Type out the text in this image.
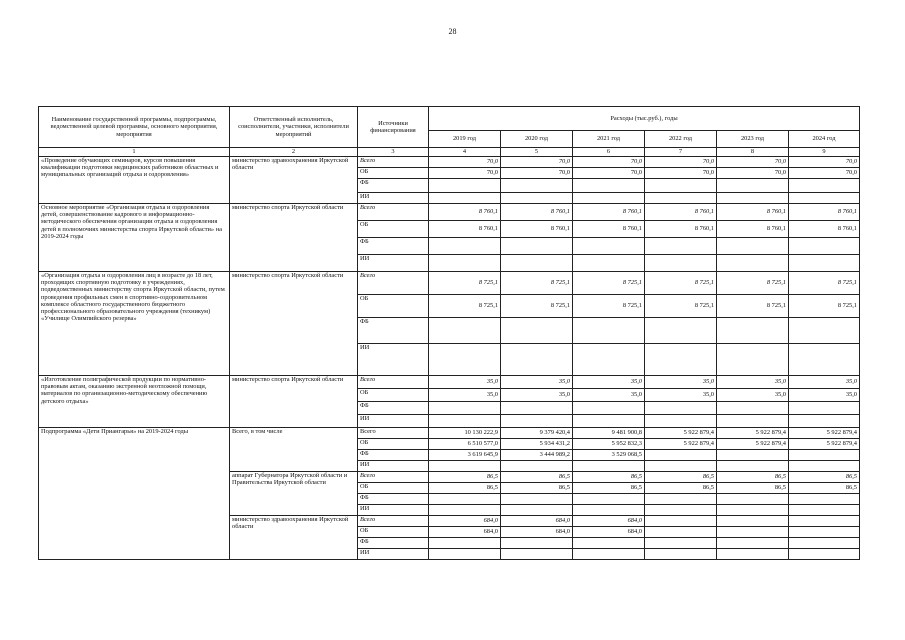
28
Наименование государственной программы, подпрограммы, ведомственной целевой программы, основного мероприятия, мероприятия	Ответственный исполнитель, соисполнители, участники, исполнители мероприятий	Источники финансирования	Расходы (тыс.руб.), годы					
			2019 год	2020 год	2021 год	2022 год	2023 год	2024 год
1	2	3	4	5	6	7	8	9
«Проведение обучающих семинаров, курсов повышения квалификации подготовки медицинских работников областных и муниципальных организаций отдыха и оздоровления»	министерство здравоохранения Иркутской области	Всего	70,0	70,0	70,0	70,0	70,0	70,0
		ОБ	70,0	70,0	70,0	70,0	70,0	70,0
		ФБ						
		ИИ						
Основное мероприятие «Организация отдыха и оздоровления детей, совершенствование кадрового и информационно-методического обеспечения организации отдыха и оздоровления детей в полномочиях министерства спорта Иркутской области» на 2019-2024 годы	министерство спорта Иркутской области	Всего	8 760,1	8 760,1	8 760,1	8 760,1	8 760,1	8 760,1
		ОБ	8 760,1	8 760,1	8 760,1	8 760,1	8 760,1	8 760,1
		ФБ						
		ИИ						
«Организация отдыха и оздоровления лиц в возрасте до 18 лет, проходящих спортивную подготовку в учреждениях, подведомственных министерству спорта Иркутской области, путем проведения профильных смен в спортивно-оздоровительном комплексе областного государственного бюджетного профессионального образовательного учреждения (техникум) «Училище Олимпийского резерва»	министерство спорта Иркутской области	Всего	8 725,1	8 725,1	8 725,1	8 725,1	8 725,1	8 725,1
		ОБ	8 725,1	8 725,1	8 725,1	8 725,1	8 725,1	8 725,1
		ФБ						
		ИИ						
«Изготовление полиграфической продукции по нормативно-правовым актам, оказанию экстренной неотложной помощи, материалов по организационно-методическому обеспечению детского отдыха»	министерство спорта Иркутской области	Всего	35,0	35,0	35,0	35,0	35,0	35,0
		ОБ	35,0	35,0	35,0	35,0	35,0	35,0
		ФБ						
		ИИ						
Подпрограмма «Дети Приангарья» на 2019-2024 годы	Всего, в том числе	Всего	10 130 222,9	9 379 420,4	9 481 900,8	5 922 879,4	5 922 879,4	5 922 879,4
		ОБ	6 510 577,0	5 934 431,2	5 952 832,3	5 922 879,4	5 922 879,4	5 922 879,4
		ФБ	3 619 645,9	3 444 989,2	3 529 068,5			
		ИИ						
	аппарат Губернатора Иркутской области и Правительства Иркутской области	Всего	86,5	86,5	86,5	86,5	86,5	86,5
		ОБ	86,5	86,5	86,5	86,5	86,5	86,5
		ФБ						
		ИИ						
	министерство здравоохранения Иркутской области	Всего	684,0	684,0	684,0			
		ОБ	684,0	684,0	684,0			
		ФБ						
		ИИ						
